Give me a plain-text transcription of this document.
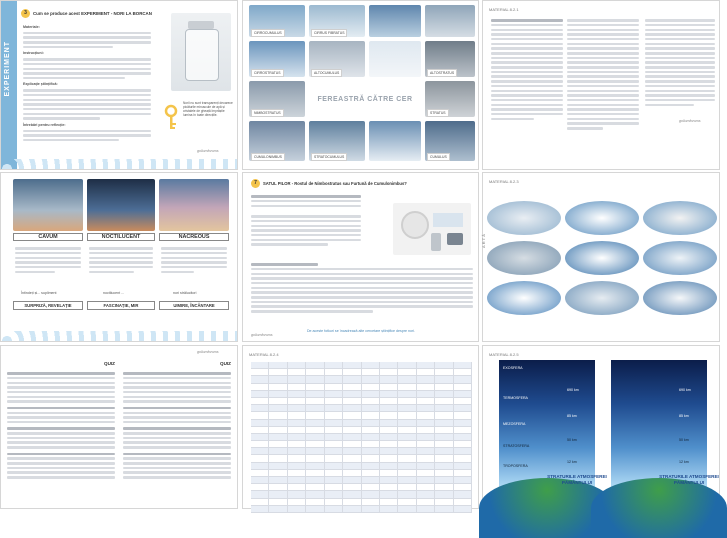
EXPERIMENT
3	Cum se produce acest EXPERIMENT - NORI LA BORCAN
Materiale:
Instrucțiuni:
Explicație științifică:
Întrebări pentru reflecție:
Norii nu sunt transparenți deoarece picăturile minuscule de apă și cristalele de gheață împrăștie lumina în toate direcțiile.
gollumforums
FEREASTRĂ CĂTRE CER
CIRROCUMULUS	CIRRUS FIBRATUS
CIRROSTRATUS	ALTOCUMULUS	ALTOSTRATUS
NIMBOSTRATUS	STRATUS
STRATOCUMULUS	CUMULUS
CUMULONIMBUS
MATERIAL 8.2.1
gollumforums
CAVUM	NOCTILUCENT	NACREOUS
Întindeți și... supliment	noctilucent ...	nori strălucitori
SURPRIZĂ, REVELAȚIE	FASCINAȚIE, MIR	UIMIRE, ÎNCÂNTARE
7	SATUL PILOR - Rostul de Nimbostratus sau Furtună de Cumulonimbus?
De aceste fotkuri se încadrează alte cercetare științifice despre nori.
gollumforums
MATERIAL 8.2.3
ARTĂ
QUIZ	QUIZ
gollumforums	MATERIAL 8.2.4	MATERIAL 8.2.5
EXOSFERA
TERMOSFERA
MEZOSFERA
STRATOSFERA
TROPOSFERA
690 km
85 km
50 km
12 km
STRATURILE ATMOSFEREI PĂMÂNTULUI
690 km
85 km
50 km
12 km
STRATURILE ATMOSFEREI PĂMÂNTULUI
